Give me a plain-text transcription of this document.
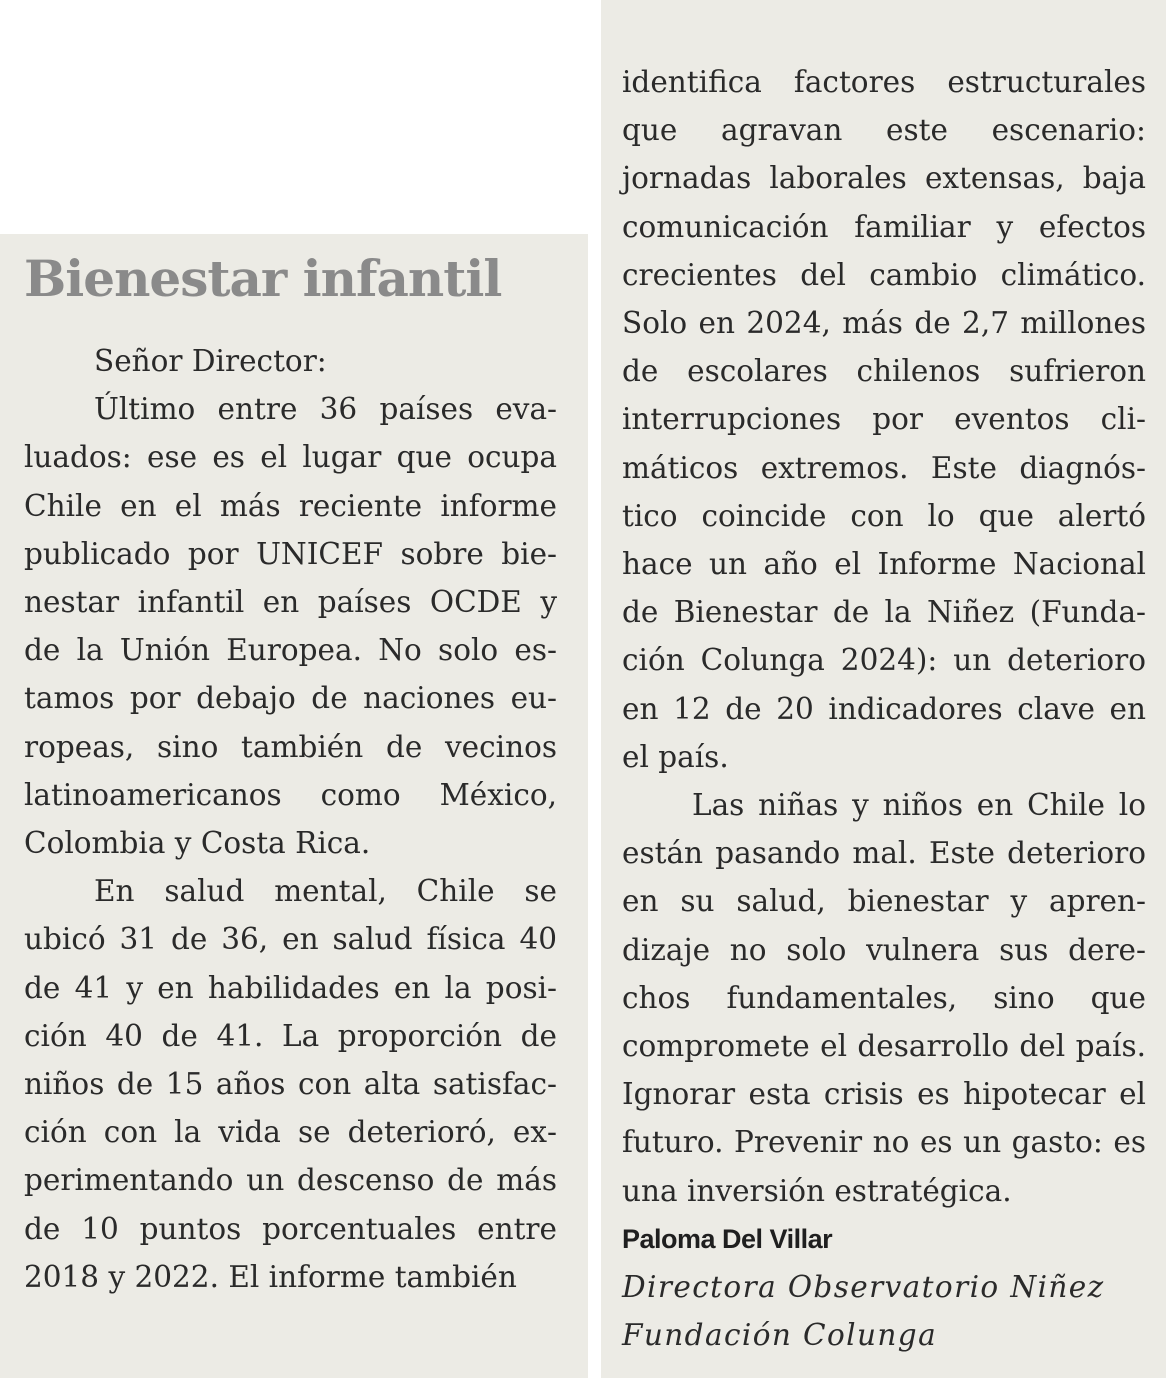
Bienestar infantil

Señor Director:

Último entre 36 países evaluados: ese es el lugar que ocupa Chile en el más reciente informe publicado por UNICEF sobre bienestar infantil en países OCDE y de la Unión Europea. No solo estamos por debajo de naciones europeas, sino también de vecinos latinoamericanos como México, Colombia y Costa Rica.

En salud mental, Chile se ubicó 31 de 36, en salud física 40 de 41 y en habilidades en la posición 40 de 41. La proporción de niños de 15 años con alta satisfacción con la vida se deterioró, experimentando un descenso de más de 10 puntos porcentuales entre 2018 y 2022. El informe también

identifica factores estructurales que agravan este escenario: jornadas laborales extensas, baja comunicación familiar y efectos crecientes del cambio climático. Solo en 2024, más de 2,7 millones de escolares chilenos sufrieron interrupciones por eventos climáticos extremos. Este diagnóstico coincide con lo que alertó hace un año el Informe Nacional de Bienestar de la Niñez (Fundación Colunga 2024): un deterioro en 12 de 20 indicadores clave en el país.

Las niñas y niños en Chile lo están pasando mal. Este deterioro en su salud, bienestar y aprendizaje no solo vulnera sus derechos fundamentales, sino que compromete el desarrollo del país. Ignorar esta crisis es hipotecar el futuro. Prevenir no es un gasto: es una inversión estratégica.

Paloma Del Villar
Directora Observatorio Niñez
Fundación Colunga
